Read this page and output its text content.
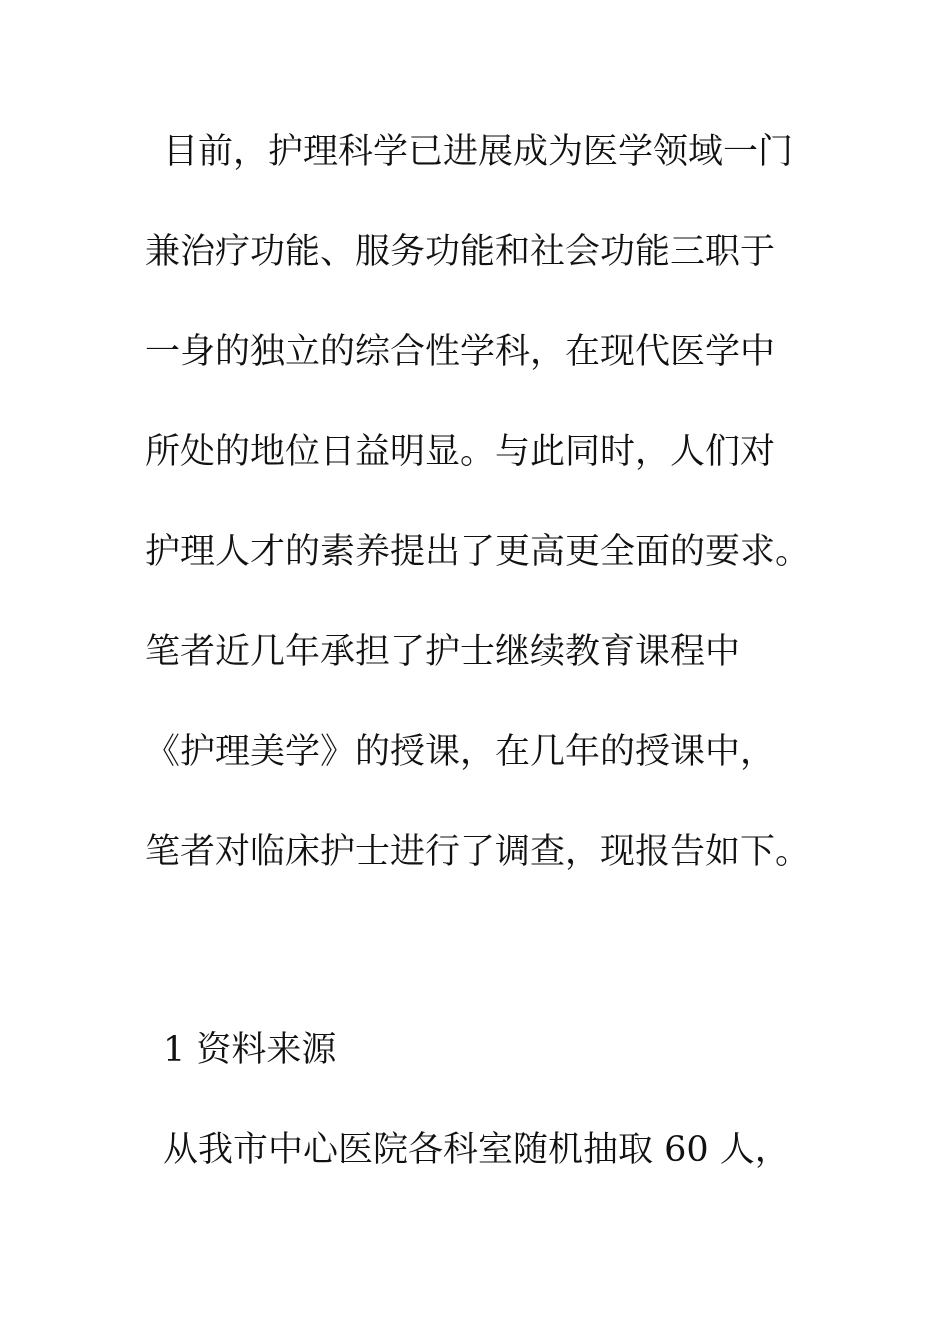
目前，护理科学已进展成为医学领域一门
兼治疗功能、服务功能和社会功能三职于
一身的独立的综合性学科，在现代医学中
所处的地位日益明显。与此同时，人们对
护理人才的素养提出了更高更全面的要求。
笔者近几年承担了护士继续教育课程中
《护理美学》的授课，在几年的授课中，
笔者对临床护士进行了调查，现报告如下。
1 资料来源
从我市中心医院各科室随机抽取 60 人，
